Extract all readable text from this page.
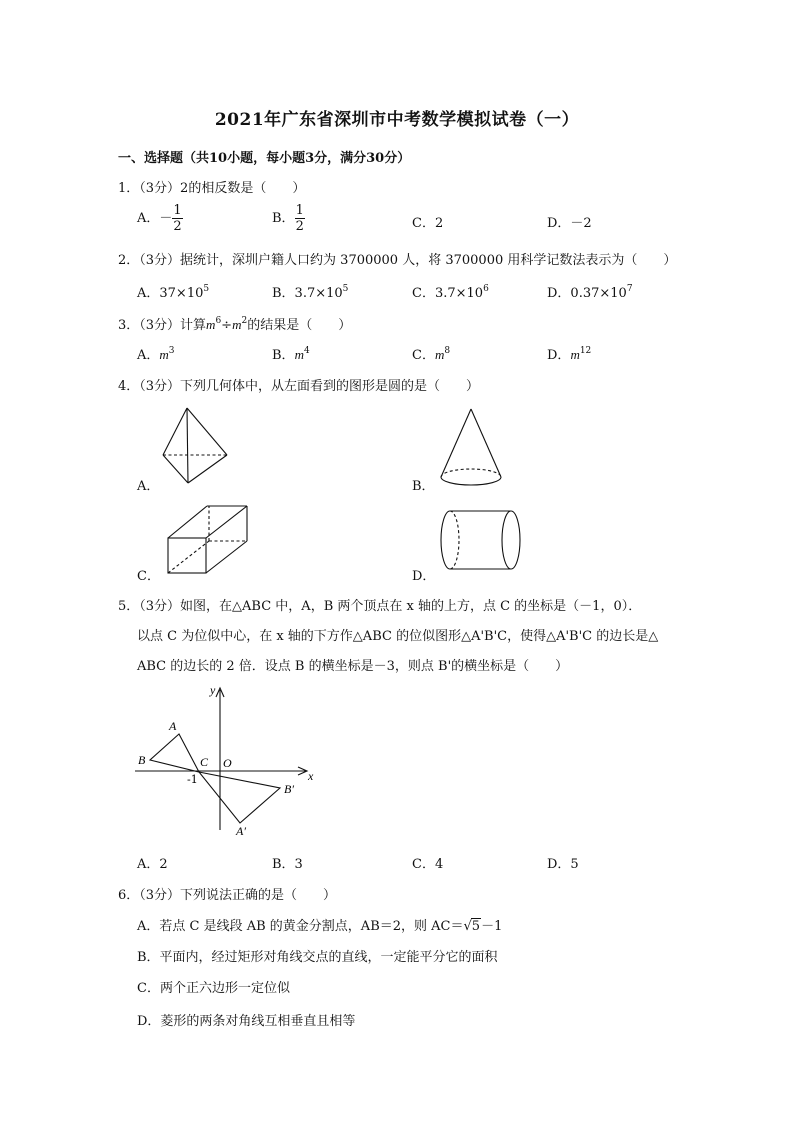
2021年广东省深圳市中考数学模拟试卷（一）
一、选择题（共10小题，每小题3分，满分30分）
1．（3分）2的相反数是（　　）
A．－ $\frac{1}{2}$	B． $\frac{1}{2}$	C．2	D．－2
2．（3分）据统计，深圳户籍人口约为 3700000 人，将 3700000 用科学记数法表示为（　　）
A．$37\times 10^5$	B．$3.7\times 10^5$	C．$3.7\times 10^6$	D．$0.37\times 10^7$
3．（3分）计算$m^6\div m^2$的结果是（　　）
A．$m^3$	B．$m^4$	C．$m^8$	D．$m^{12}$
4．（3分）下列几何体中，从左面看到的图形是圆的是（　　）
A．	B．
C．	D．
5．（3分）如图，在△ABC 中，A，B 两个顶点在 x 轴的上方，点 C 的坐标是（－1，0）．
以点 C 为位似中心，在 x 轴的下方作△ABC 的位似图形△A'B'C，使得△A'B'C 的边长是△
ABC 的边长的 2 倍．设点 B 的横坐标是－3，则点 B'的横坐标是（　　）
y
x
A
B	C O
-1
B′
A′
A．2	B．3	C．4	D．5
6．（3分）下列说法正确的是（　　）
A．若点 C 是线段 AB 的黄金分割点，AB＝2，则 AC＝√5－1
B．平面内，经过矩形对角线交点的直线，一定能平分它的面积
C．两个正六边形一定位似
D．菱形的两条对角线互相垂直且相等
